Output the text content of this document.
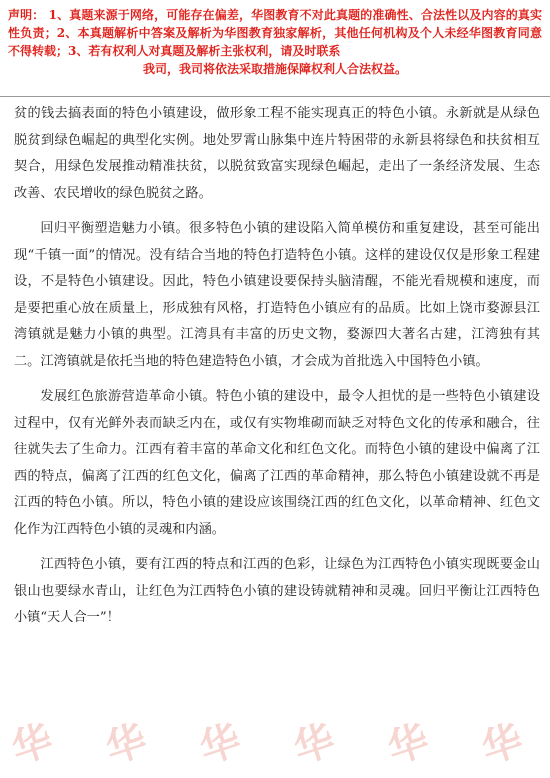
声明： 1、真题来源于网络，可能存在偏差，华图教育不对此真题的准确性、合法性以及内容的真实性负责；2、本真题解析中答案及解析为华图教育独家解析，其他任何机构及个人未经华图教育同意不得转载；3、若有权利人对真题及解析主张权利，请及时联系
我司，我司将依法采取措施保障权利人合法权益。

贫的钱去搞表面的特色小镇建设，做形象工程不能实现真正的特色小镇。永新就是从绿色脱贫到绿色崛起的典型化实例。地处罗霄山脉集中连片特困带的永新县将绿色和扶贫相互契合，用绿色发展推动精准扶贫，以脱贫致富实现绿色崛起，走出了一条经济发展、生态改善、农民增收的绿色脱贫之路。

回归平衡塑造魅力小镇。很多特色小镇的建设陷入简单模仿和重复建设，甚至可能出现“千镇一面”的情况。没有结合当地的特色打造特色小镇。这样的建设仅仅是形象工程建设，不是特色小镇建设。因此，特色小镇建设要保持头脑清醒，不能光看规模和速度，而是要把重心放在质量上，形成独有风格，打造特色小镇应有的品质。比如上饶市婺源县江湾镇就是魅力小镇的典型。江湾具有丰富的历史文物，婺源四大著名古建，江湾独有其二。江湾镇就是依托当地的特色建造特色小镇，才会成为首批选入中国特色小镇。

发展红色旅游营造革命小镇。特色小镇的建设中，最令人担忧的是一些特色小镇建设过程中，仅有光鲜外表而缺乏内在，或仅有实物堆砌而缺乏对特色文化的传承和融合，往往就失去了生命力。江西有着丰富的革命文化和红色文化。而特色小镇的建设中偏离了江西的特点，偏离了江西的红色文化，偏离了江西的革命精神，那么特色小镇建设就不再是江西的特色小镇。所以，特色小镇的建设应该围绕江西的红色文化，以革命精神、红色文化作为江西特色小镇的灵魂和内涵。

江西特色小镇，要有江西的特点和江西的色彩，让绿色为江西特色小镇实现既要金山银山也要绿水青山，让红色为江西特色小镇的建设铸就精神和灵魂。回归平衡让江西特色小镇“天人合一”！

华 华 华 华 华 华
